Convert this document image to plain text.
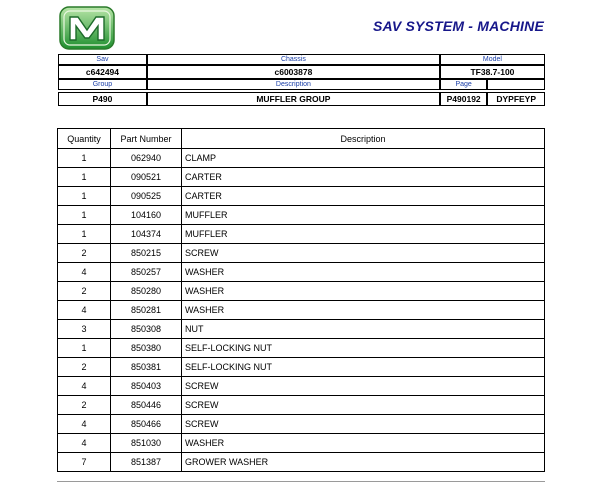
SAV SYSTEM - MACHINE
Sav	Chassis	Model	
c642494	c6003878	TF38.7-100	
Group	Description	Page	

P490	MUFFLER GROUP	P490192	DYPFEYP
Quantity	Part Number	Description
1	062940	CLAMP
1	090521	CARTER
1	090525	CARTER
1	104160	MUFFLER
1	104374	MUFFLER
2	850215	SCREW
4	850257	WASHER
2	850280	WASHER
4	850281	WASHER
3	850308	NUT
1	850380	SELF-LOCKING NUT
2	850381	SELF-LOCKING NUT
4	850403	SCREW
2	850446	SCREW
4	850466	SCREW
4	851030	WASHER
7	851387	GROWER WASHER
